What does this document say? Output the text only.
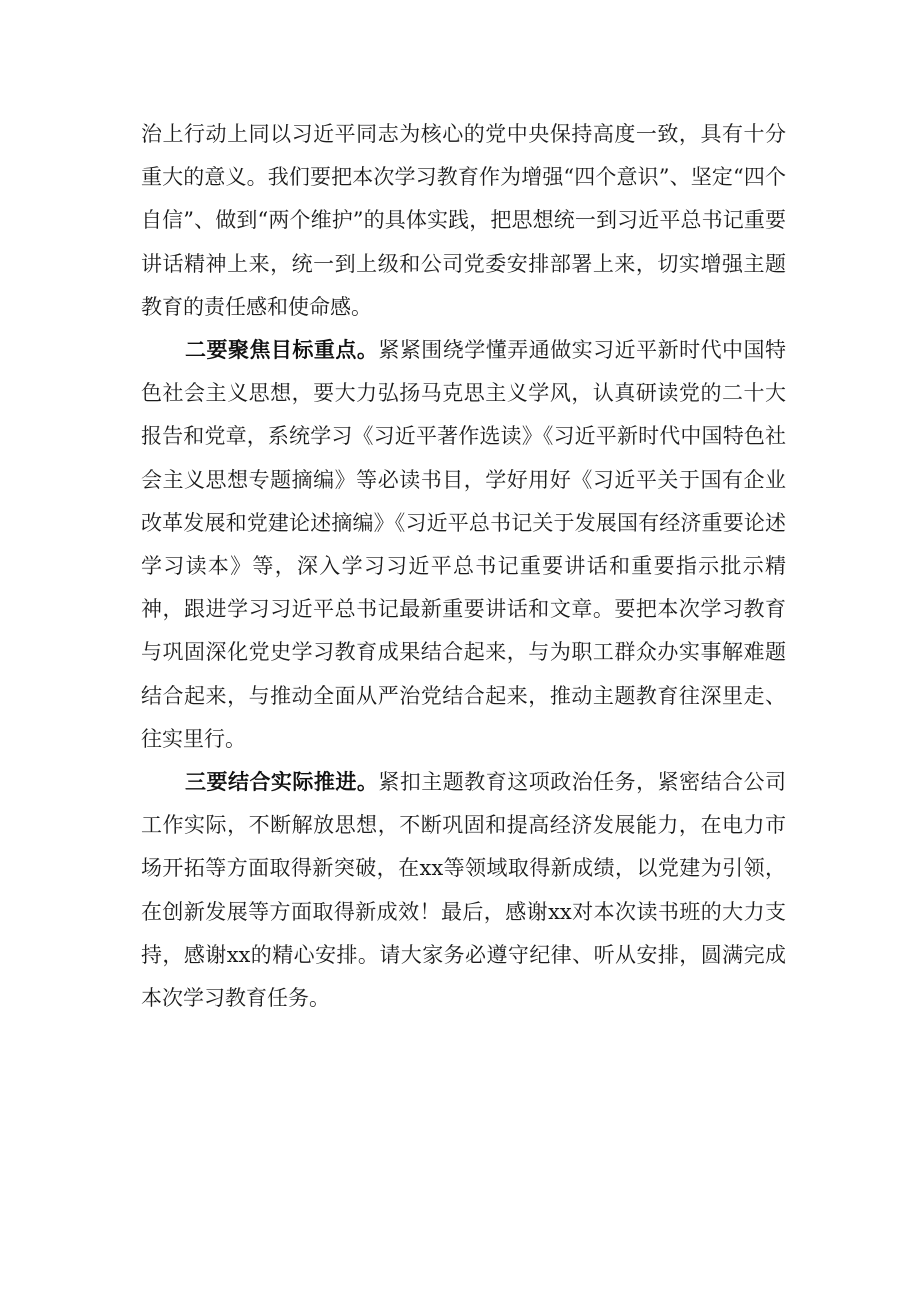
治上行动上同以习近平同志为核心的党中央保持高度一致，具有十分重大的意义。我们要把本次学习教育作为增强“四个意识”、坚定“四个自信”、做到“两个维护”的具体实践，把思想统一到习近平总书记重要讲话精神上来，统一到上级和公司党委安排部署上来，切实增强主题教育的责任感和使命感。

二要聚焦目标重点。紧紧围绕学懂弄通做实习近平新时代中国特色社会主义思想，要大力弘扬马克思主义学风，认真研读党的二十大报告和党章，系统学习《习近平著作选读》《习近平新时代中国特色社会主义思想专题摘编》等必读书目，学好用好《习近平关于国有企业改革发展和党建论述摘编》《习近平总书记关于发展国有经济重要论述学习读本》等，深入学习习近平总书记重要讲话和重要指示批示精神，跟进学习习近平总书记最新重要讲话和文章。要把本次学习教育与巩固深化党史学习教育成果结合起来，与为职工群众办实事解难题结合起来，与推动全面从严治党结合起来，推动主题教育往深里走、往实里行。

三要结合实际推进。紧扣主题教育这项政治任务，紧密结合公司工作实际，不断解放思想，不断巩固和提高经济发展能力，在电力市场开拓等方面取得新突破，在xx等领域取得新成绩，以党建为引领，在创新发展等方面取得新成效！最后，感谢xx对本次读书班的大力支持，感谢xx的精心安排。请大家务必遵守纪律、听从安排，圆满完成本次学习教育任务。
